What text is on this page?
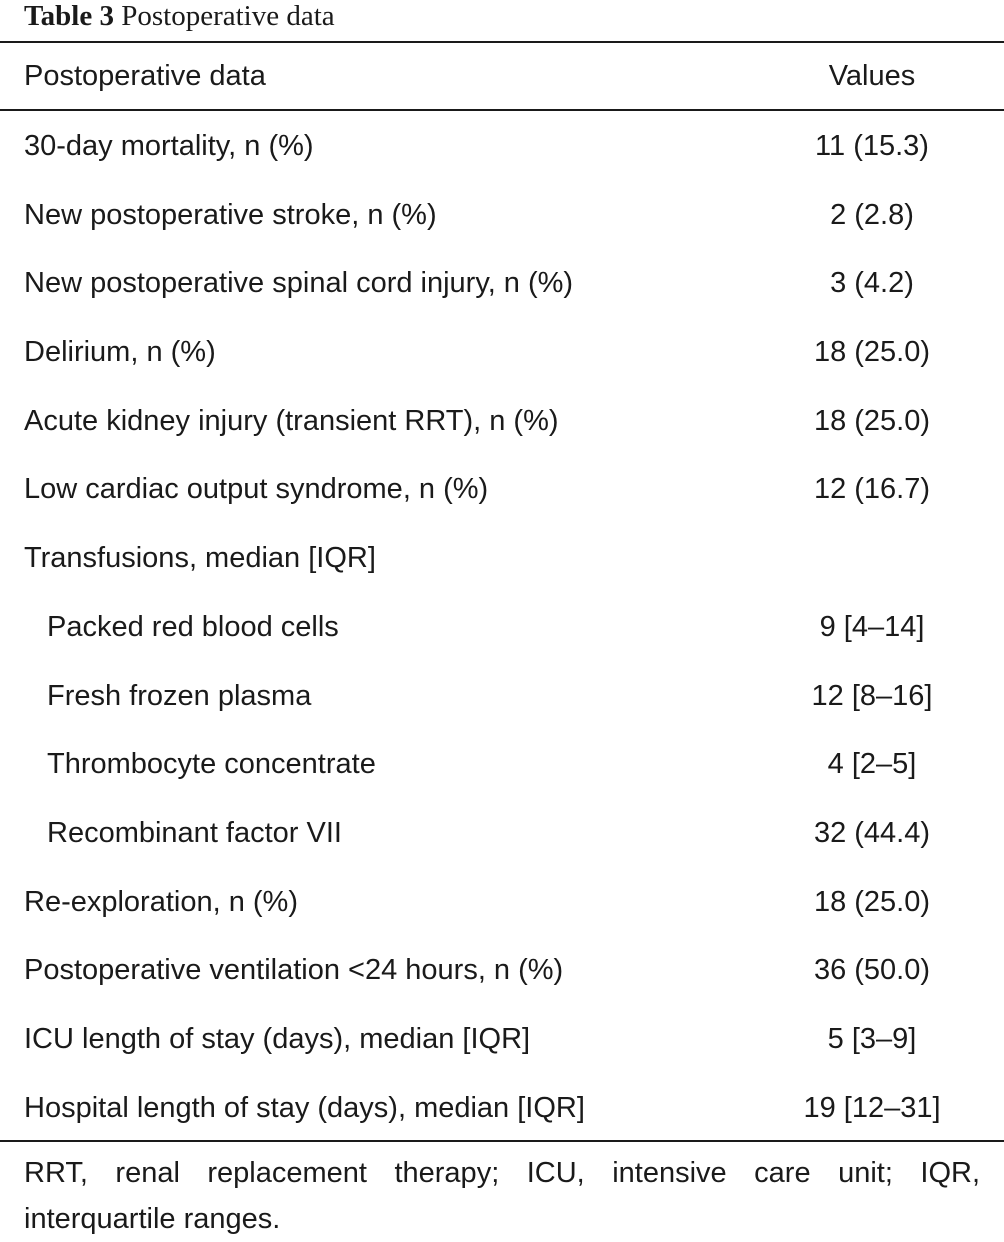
Table 3 Postoperative data
Postoperative data	Values
30-day mortality, n (%)	11 (15.3)
New postoperative stroke, n (%)	2 (2.8)
New postoperative spinal cord injury, n (%)	3 (4.2)
Delirium, n (%)	18 (25.0)
Acute kidney injury (transient RRT), n (%)	18 (25.0)
Low cardiac output syndrome, n (%)	12 (16.7)
Transfusions, median [IQR]
Packed red blood cells	9 [4–14]
Fresh frozen plasma	12 [8–16]
Thrombocyte concentrate	4 [2–5]
Recombinant factor VII	32 (44.4)
Re-exploration, n (%)	18 (25.0)
Postoperative ventilation <24 hours, n (%)	36 (50.0)
ICU length of stay (days), median [IQR]	5 [3–9]
Hospital length of stay (days), median [IQR]	19 [12–31]
RRT, renal replacement therapy; ICU, intensive care unit; IQR, interquartile ranges.
